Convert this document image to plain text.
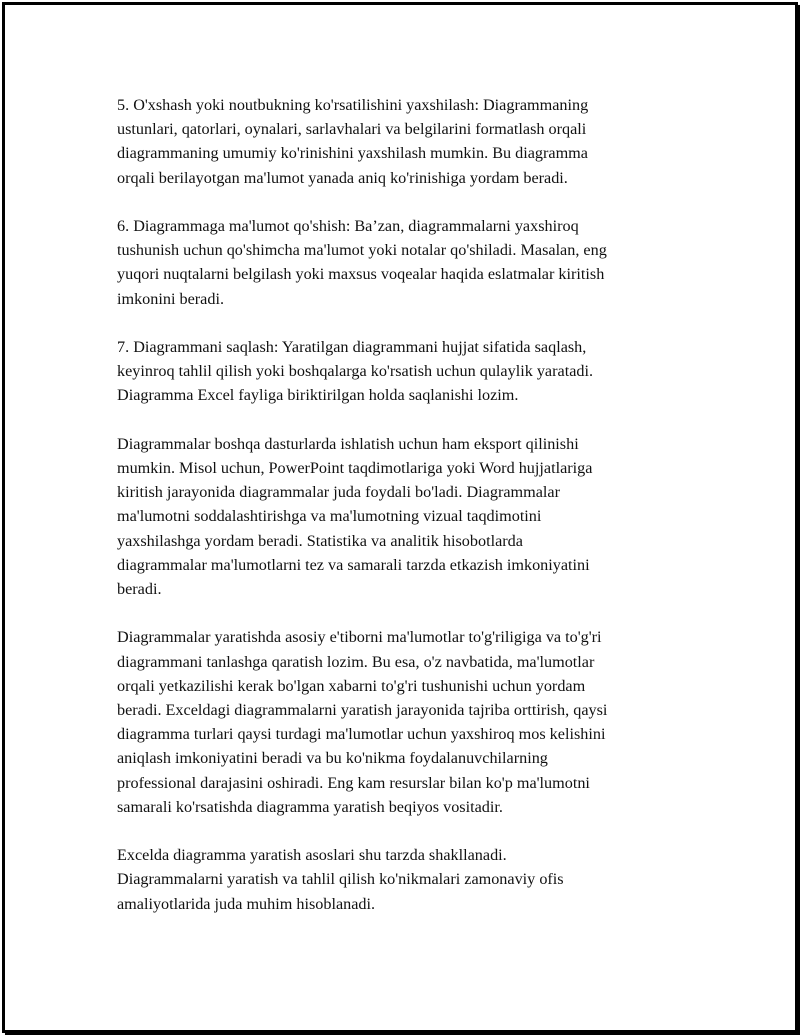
5. O'xshash yoki noutbukning ko'rsatilishini yaxshilash: Diagrammaning
ustunlari, qatorlari, oynalari, sarlavhalari va belgilarini formatlash orqali
diagrammaning umumiy ko'rinishini yaxshilash mumkin. Bu diagramma
orqali berilayotgan ma'lumot yanada aniq ko'rinishiga yordam beradi.

6. Diagrammaga ma'lumot qo'shish: Ba’zan, diagrammalarni yaxshiroq
tushunish uchun qo'shimcha ma'lumot yoki notalar qo'shiladi. Masalan, eng
yuqori nuqtalarni belgilash yoki maxsus voqealar haqida eslatmalar kiritish
imkonini beradi.

7. Diagrammani saqlash: Yaratilgan diagrammani hujjat sifatida saqlash,
keyinroq tahlil qilish yoki boshqalarga ko'rsatish uchun qulaylik yaratadi.
Diagramma Excel fayliga biriktirilgan holda saqlanishi lozim.

Diagrammalar boshqa dasturlarda ishlatish uchun ham eksport qilinishi
mumkin. Misol uchun, PowerPoint taqdimotlariga yoki Word hujjatlariga
kiritish jarayonida diagrammalar juda foydali bo'ladi. Diagrammalar
ma'lumotni soddalashtirishga va ma'lumotning vizual taqdimotini
yaxshilashga yordam beradi. Statistika va analitik hisobotlarda
diagrammalar ma'lumotlarni tez va samarali tarzda etkazish imkoniyatini
beradi.

Diagrammalar yaratishda asosiy e'tiborni ma'lumotlar to'g'riligiga va to'g'ri
diagrammani tanlashga qaratish lozim. Bu esa, o'z navbatida, ma'lumotlar
orqali yetkazilishi kerak bo'lgan xabarni to'g'ri tushunishi uchun yordam
beradi. Exceldagi diagrammalarni yaratish jarayonida tajriba orttirish, qaysi
diagramma turlari qaysi turdagi ma'lumotlar uchun yaxshiroq mos kelishini
aniqlash imkoniyatini beradi va bu ko'nikma foydalanuvchilarning
professional darajasini oshiradi. Eng kam resurslar bilan ko'p ma'lumotni
samarali ko'rsatishda diagramma yaratish beqiyos vositadir.

Excelda diagramma yaratish asoslari shu tarzda shakllanadi.
Diagrammalarni yaratish va tahlil qilish ko'nikmalari zamonaviy ofis
amaliyotlarida juda muhim hisoblanadi.
